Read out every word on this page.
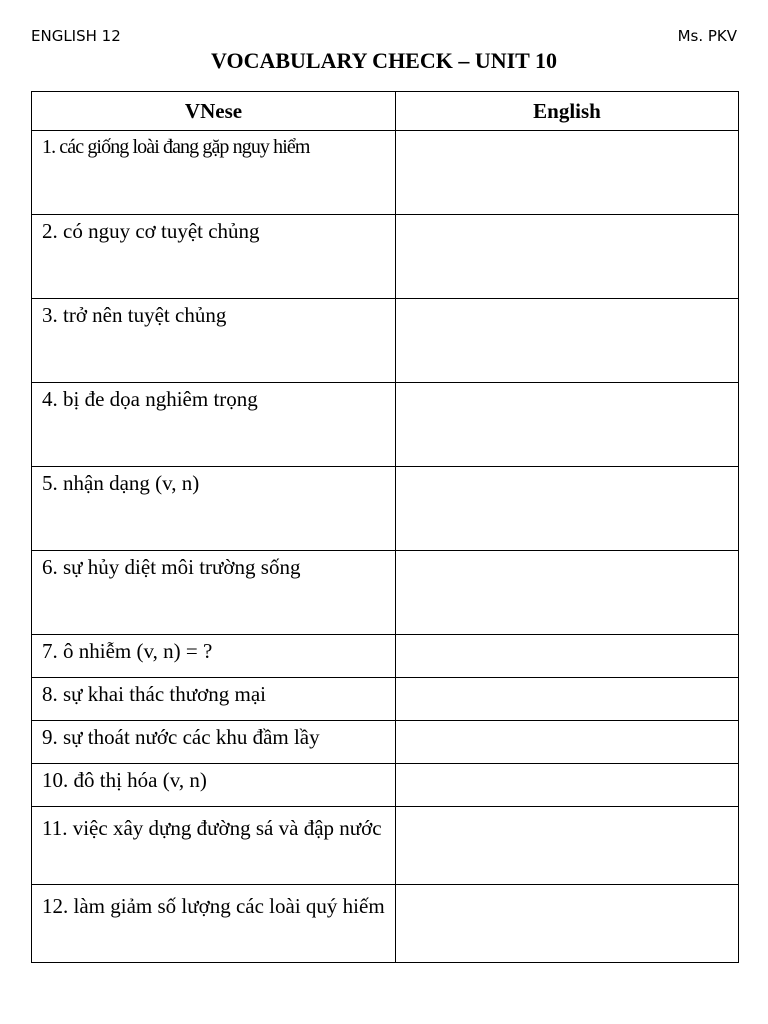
ENGLISH 12	Ms. PKV
VOCABULARY CHECK – UNIT 10
VNese	English
1. các giống loài đang gặp nguy hiểm	
2. có nguy cơ tuyệt chủng	
3. trở nên tuyệt chủng	
4. bị đe dọa nghiêm trọng	
5. nhận dạng (v, n)	
6. sự hủy diệt môi trường sống	
7. ô nhiễm (v, n) = ?	
8. sự khai thác thương mại	
9. sự thoát nước các khu đầm lầy	
10. đô thị hóa (v, n)	
11. việc xây dựng đường sá và đập nước	
12. làm giảm số lượng các loài quý hiếm	
